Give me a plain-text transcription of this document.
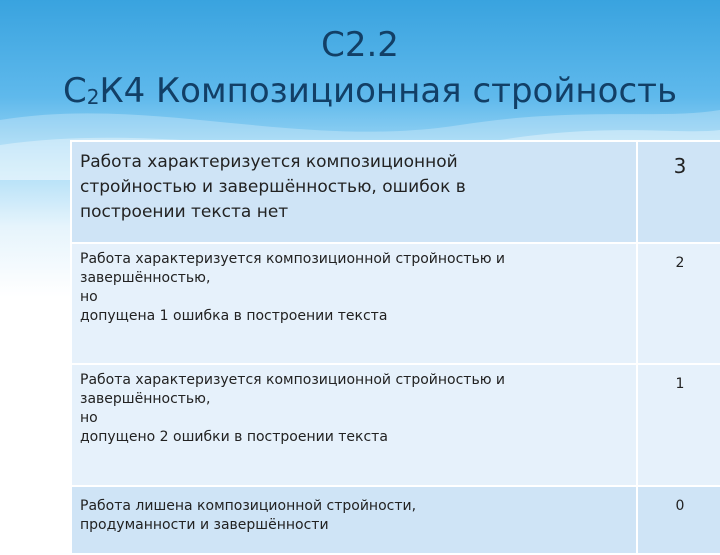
С2.2
С2К4 Композиционная стройность
Работа характеризуется композиционной
стройностью и завершённостью, ошибок в
построении текста нет	3

Работа характеризуется композиционной стройностью и
завершённостью,
но
допущена 1 ошибка в построении текста	2

Работа характеризуется композиционной стройностью и
завершённостью,
но
допущено 2 ошибки в построении текста	1

Работа лишена композиционной стройности,
продуманности и завершённости	0
